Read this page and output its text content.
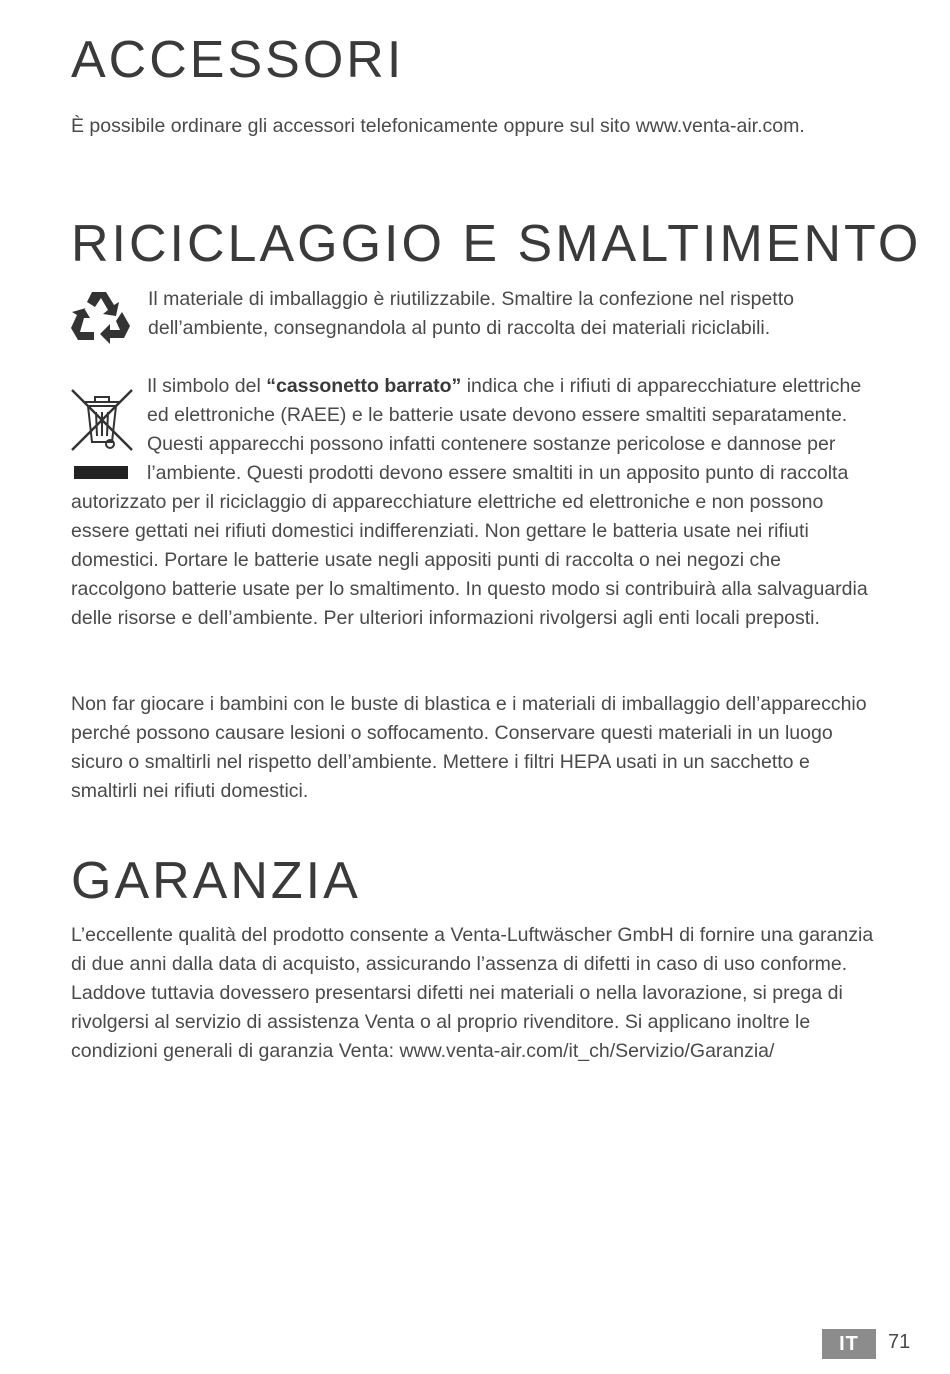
ACCESSORI

È possibile ordinare gli accessori telefonicamente oppure sul sito www.venta-air.com.

RICICLAGGIO E SMALTIMENTO

Il materiale di imballaggio è riutilizzabile. Smaltire la confezione nel rispetto dell’ambiente, consegnandola al punto di raccolta dei materiali riciclabili.

Il simbolo del “cassonetto barrato” indica che i rifiuti di apparecchiature elettriche ed elettroniche (RAEE) e le batterie usate devono essere smaltiti separatamente. Questi apparecchi possono infatti contenere sostanze pericolose e dannose per l’ambiente. Questi prodotti devono essere smaltiti in un apposito punto di raccolta autorizzato per il riciclaggio di apparecchiature elettriche ed elettroniche e non possono essere gettati nei rifiuti domestici indifferenziati. Non gettare le batteria usate nei rifiuti domestici. Portare le batterie usate negli appositi punti di raccolta o nei negozi che raccolgono batterie usate per lo smaltimento. In questo modo si contribuirà alla salvaguardia delle risorse e dell’ambiente. Per ulteriori informazioni rivolgersi agli enti locali preposti.

Non far giocare i bambini con le buste di blastica e i materiali di imballaggio dell’apparecchio perché possono causare lesioni o soffocamento. Conservare questi materiali in un luogo sicuro o smaltirli nel rispetto dell’ambiente. Mettere i filtri HEPA usati in un sacchetto e smaltirli nei rifiuti domestici.

GARANZIA

L’eccellente qualità del prodotto consente a Venta-Luftwäscher GmbH di fornire una garanzia di due anni dalla data di acquisto, assicurando l’assenza di difetti in caso di uso conforme. Laddove tuttavia dovessero presentarsi difetti nei materiali o nella lavorazione, si prega di rivolgersi al servizio di assistenza Venta o al proprio rivenditore. Si applicano inoltre le condizioni generali di garanzia Venta: www.venta-air.com/it_ch/Servizio/Garanzia/

IT	71
